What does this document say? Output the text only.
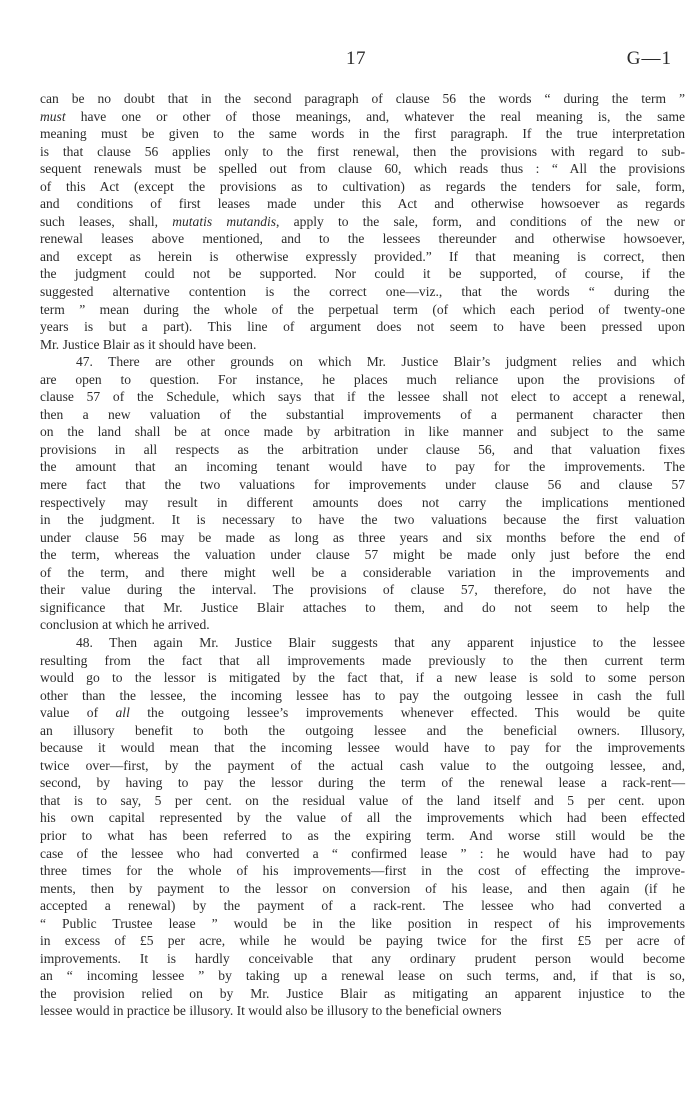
17	G—1

can be no doubt that in the second paragraph of clause 56 the words “ during the term ”
must have one or other of those meanings, and, whatever the real meaning is, the same
meaning must be given to the same words in the first paragraph. If the true interpretation
is that clause 56 applies only to the first renewal, then the provisions with regard to sub-
sequent renewals must be spelled out from clause 60, which reads thus : “ All the provisions
of this Act (except the provisions as to cultivation) as regards the tenders for sale, form,
and conditions of first leases made under this Act and otherwise howsoever as regards
such leases, shall, mutatis mutandis, apply to the sale, form, and conditions of the new or
renewal leases above mentioned, and to the lessees thereunder and otherwise howsoever,
and except as herein is otherwise expressly provided.” If that meaning is correct, then
the judgment could not be supported. Nor could it be supported, of course, if the
suggested alternative contention is the correct one—viz., that the words “ during the
term ” mean during the whole of the perpetual term (of which each period of twenty-one
years is but a part). This line of argument does not seem to have been pressed upon
Mr. Justice Blair as it should have been.

47. There are other grounds on which Mr. Justice Blair’s judgment relies and which
are open to question. For instance, he places much reliance upon the provisions of
clause 57 of the Schedule, which says that if the lessee shall not elect to accept a renewal,
then a new valuation of the substantial improvements of a permanent character then
on the land shall be at once made by arbitration in like manner and subject to the same
provisions in all respects as the arbitration under clause 56, and that valuation fixes
the amount that an incoming tenant would have to pay for the improvements. The
mere fact that the two valuations for improvements under clause 56 and clause 57
respectively may result in different amounts does not carry the implications mentioned
in the judgment. It is necessary to have the two valuations because the first valuation
under clause 56 may be made as long as three years and six months before the end of
the term, whereas the valuation under clause 57 might be made only just before the end
of the term, and there might well be a considerable variation in the improvements and
their value during the interval. The provisions of clause 57, therefore, do not have the
significance that Mr. Justice Blair attaches to them, and do not seem to help the
conclusion at which he arrived.

48. Then again Mr. Justice Blair suggests that any apparent injustice to the lessee
resulting from the fact that all improvements made previously to the then current term
would go to the lessor is mitigated by the fact that, if a new lease is sold to some person
other than the lessee, the incoming lessee has to pay the outgoing lessee in cash the full
value of all the outgoing lessee’s improvements whenever effected. This would be quite
an illusory benefit to both the outgoing lessee and the beneficial owners. Illusory,
because it would mean that the incoming lessee would have to pay for the improvements
twice over—first, by the payment of the actual cash value to the outgoing lessee, and,
second, by having to pay the lessor during the term of the renewal lease a rack-rent—
that is to say, 5 per cent. on the residual value of the land itself and 5 per cent. upon
his own capital represented by the value of all the improvements which had been effected
prior to what has been referred to as the expiring term. And worse still would be the
case of the lessee who had converted a “ confirmed lease ” : he would have had to pay
three times for the whole of his improvements—first in the cost of effecting the improve-
ments, then by payment to the lessor on conversion of his lease, and then again (if he
accepted a renewal) by the payment of a rack-rent. The lessee who had converted a
“ Public Trustee lease ” would be in the like position in respect of his improvements
in excess of £5 per acre, while he would be paying twice for the first £5 per acre of
improvements. It is hardly conceivable that any ordinary prudent person would become
an “ incoming lessee ” by taking up a renewal lease on such terms, and, if that is so,
the provision relied on by Mr. Justice Blair as mitigating an apparent injustice to the
lessee would in practice be illusory. It would also be illusory to the beneficial owners
